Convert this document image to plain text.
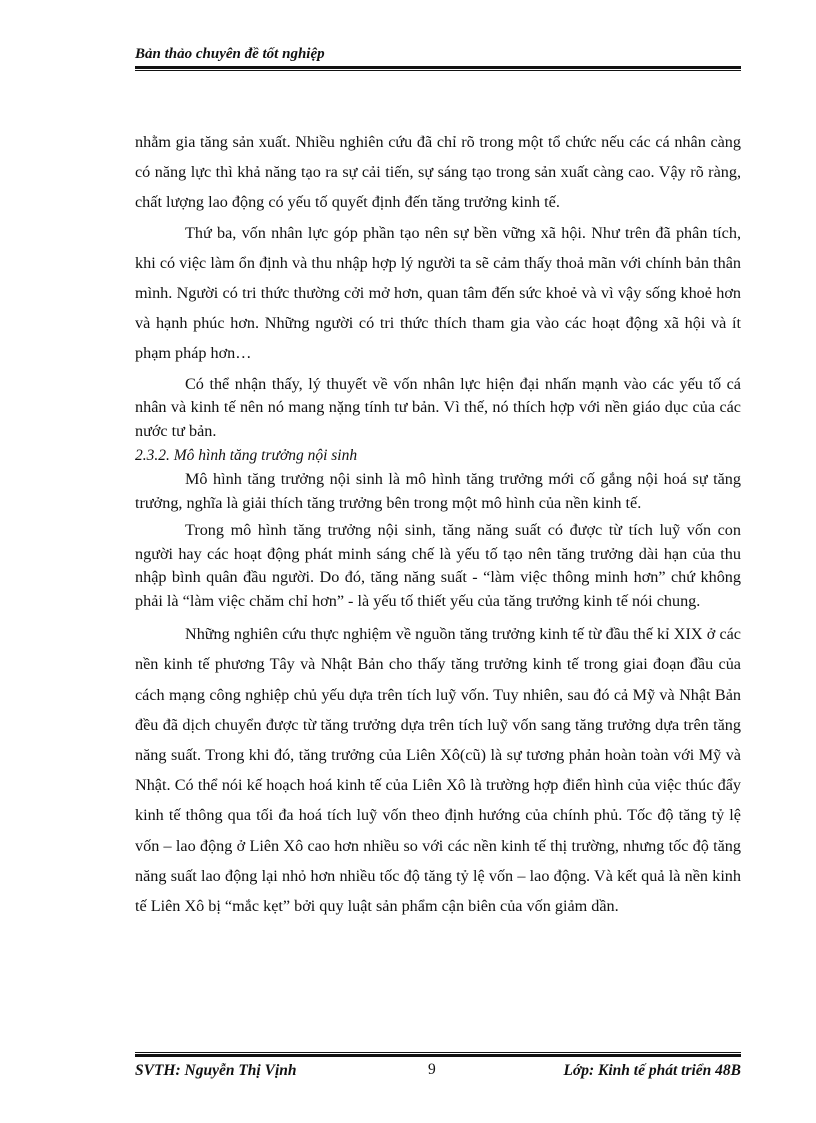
Bản thảo chuyên đề tốt nghiệp

nhằm gia tăng sản xuất. Nhiều nghiên cứu đã chỉ rõ trong một tổ chức nếu các cá nhân càng có năng lực thì khả năng tạo ra sự cải tiến, sự sáng tạo trong sản xuất càng cao. Vậy rõ ràng, chất lượng lao động có yếu tố quyết định đến tăng trưởng kinh tế.

Thứ ba, vốn nhân lực góp phần tạo nên sự bền vững xã hội. Như trên đã phân tích, khi có việc làm ổn định và thu nhập hợp lý người ta sẽ cảm thấy thoả mãn với chính bản thân mình. Người có tri thức thường cởi mở hơn, quan tâm đến sức khoẻ và vì vậy sống khoẻ hơn và hạnh phúc hơn. Những người có tri thức thích tham gia vào các hoạt động xã hội và ít phạm pháp hơn…

Có thể nhận thấy, lý thuyết về vốn nhân lực hiện đại nhấn mạnh vào các yếu tố cá nhân và kinh tế nên nó mang nặng tính tư bản. Vì thế, nó thích hợp với nền giáo dục của các nước tư bản.

2.3.2. Mô hình tăng trưởng nội sinh

Mô hình tăng trưởng nội sinh là mô hình tăng trưởng mới cố gắng nội hoá sự tăng trưởng, nghĩa là giải thích tăng trưởng bên trong một mô hình của nền kinh tế.

Trong mô hình tăng trưởng nội sinh, tăng năng suất có được từ tích luỹ vốn con người hay các hoạt động phát minh sáng chế là yếu tố tạo nên tăng trưởng dài hạn của thu nhập bình quân đầu người. Do đó, tăng năng suất - “làm việc thông minh hơn” chứ không phải là “làm việc chăm chỉ hơn” - là yếu tố thiết yếu của tăng trưởng kinh tế nói chung.

Những nghiên cứu thực nghiệm về nguồn tăng trưởng kinh tế từ đầu thế kỉ XIX ở các nền kinh tế phương Tây và Nhật Bản cho thấy tăng trưởng kinh tế trong giai đoạn đầu của cách mạng công nghiệp chủ yếu dựa trên tích luỹ vốn. Tuy nhiên, sau đó cả Mỹ và Nhật Bản đều đã dịch chuyển được từ tăng trưởng dựa trên tích luỹ vốn sang tăng trưởng dựa trên tăng năng suất. Trong khi đó, tăng trưởng của Liên Xô(cũ) là sự tương phản hoàn toàn với Mỹ và Nhật. Có thể nói kế hoạch hoá kinh tế của Liên Xô là trường hợp điển hình của việc thúc đẩy kinh tế thông qua tối đa hoá tích luỹ vốn theo định hướng của chính phủ. Tốc độ tăng tỷ lệ vốn – lao động ở Liên Xô cao hơn nhiều so với các nền kinh tế thị trường, nhưng tốc độ tăng năng suất lao động lại nhỏ hơn nhiều tốc độ tăng tỷ lệ vốn – lao động. Và kết quả là nền kinh tế Liên Xô bị “mắc kẹt” bởi quy luật sản phẩm cận biên của vốn giảm dần.

SVTH: Nguyễn Thị Vịnh	Lớp: Kinh tế phát triển 48B
9
